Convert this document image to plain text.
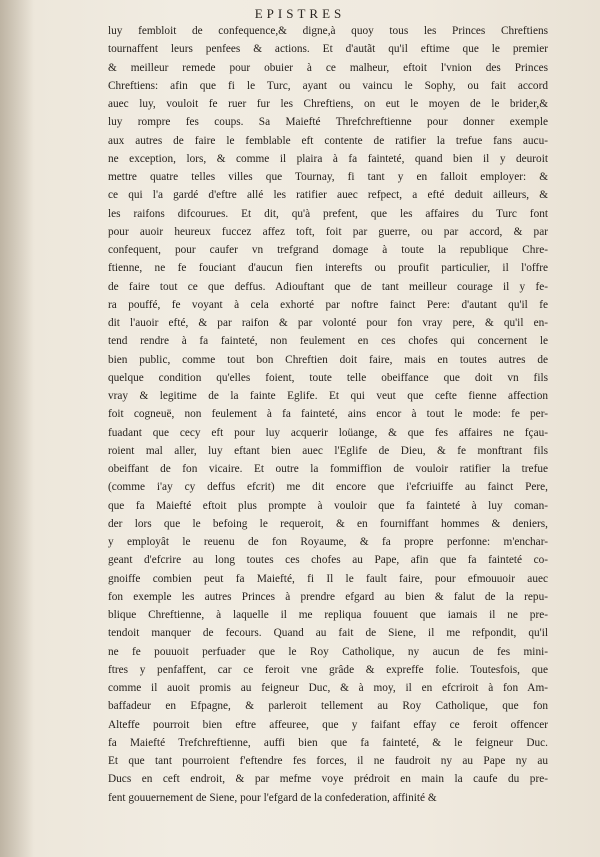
EPISTRES
luy fembloit de confequence,& digne,à quoy tous les Princes Chreftiens
tournaffent leurs penfees & actions. Et d'autãt qu'il eftime que le premier
& meilleur remede pour obuier à ce malheur, eftoit l'vnion des Princes
Chreftiens: afin que fi le Turc, ayant ou vaincu le Sophy, ou fait accord
auec luy, vouloit fe ruer fur les Chreftiens, on eut le moyen de le brider,&
luy rompre fes coups. Sa Maiefté Threfchreftienne pour donner exemple
aux autres de faire le femblable eft contente de ratifier la trefue fans aucu-
ne exception, lors, & comme il plaira à fa fainteté, quand bien il y deuroit
mettre quatre telles villes que Tournay, fi tant y en falloit employer: &
ce qui l'a gardé d'eftre allé les ratifier auec refpect, a efté deduit ailleurs, &
les raifons difcourues. Et dit, qu'à prefent, que les affaires du Turc font
pour auoir heureux fuccez affez toft, foit par guerre, ou par accord, & par
confequent, pour caufer vn trefgrand domage à toute la republique Chre-
ftienne, ne fe fouciant d'aucun fien interefts ou proufit particulier, il l'offre
de faire tout ce que deffus. Adiouftant que de tant meilleur courage il y fe-
ra pouffé, fe voyant à cela exhorté par noftre fainct Pere: d'autant qu'il fe
dit l'auoir efté, & par raifon & par volonté pour fon vray pere, & qu'il en-
tend rendre à fa fainteté, non feulement en ces chofes qui concernent le
bien public, comme tout bon Chreftien doit faire, mais en toutes autres de
quelque condition qu'elles foient, toute telle obeiffance que doit vn fils
vray & legitime de la fainte Eglife. Et qui veut que cefte fienne affection
foit cogneuë, non feulement à fa fainteté, ains encor à tout le mode: fe per-
fuadant que cecy eft pour luy acquerir loüange, & que fes affaires ne fçau-
roient mal aller, luy eftant bien auec l'Eglife de Dieu, & fe monftrant fils
obeiffant de fon vicaire. Et outre la fommiffion de vouloir ratifier la trefue
(comme i'ay cy deffus efcrit) me dit encore que i'efcriuiffe au fainct Pere,
que fa Maiefté eftoit plus prompte à vouloir que fa fainteté à luy coman-
der lors que le befoing le requeroit, & en fourniffant hommes & deniers,
y employât le reuenu de fon Royaume, & fa propre perfonne: m'enchar-
geant d'efcrire au long toutes ces chofes au Pape, afin que fa fainteté co-
gnoiffe combien peut fa Maiefté, fi Il le fault faire, pour efmouuoir auec
fon exemple les autres Princes à prendre efgard au bien & falut de la repu-
blique Chreftienne, à laquelle il me repliqua fouuent que iamais il ne pre-
tendoit manquer de fecours. Quand au fait de Siene, il me refpondit, qu'il
ne fe pouuoit perfuader que le Roy Catholique, ny aucun de fes mini-
ftres y penfaffent, car ce feroit vne grâde & expreffe folie. Toutesfois, que
comme il auoit promis au feigneur Duc, & à moy, il en efcriroit à fon Am-
baffadeur en Efpagne, & parleroit tellement au Roy Catholique, que fon
Alteffe pourroit bien eftre affeuree, que y faifant effay ce feroit offencer
fa Maiefté Trefchreftienne, auffi bien que fa fainteté, & le feigneur Duc.
Et que tant pourroient f'eftendre fes forces, il ne faudroit ny au Pape ny au
Ducs en ceft endroit, & par mefme voye prédroit en main la caufe du pre-
fent gouuernement de Siene, pour l'efgard de la confederation, affinité &
